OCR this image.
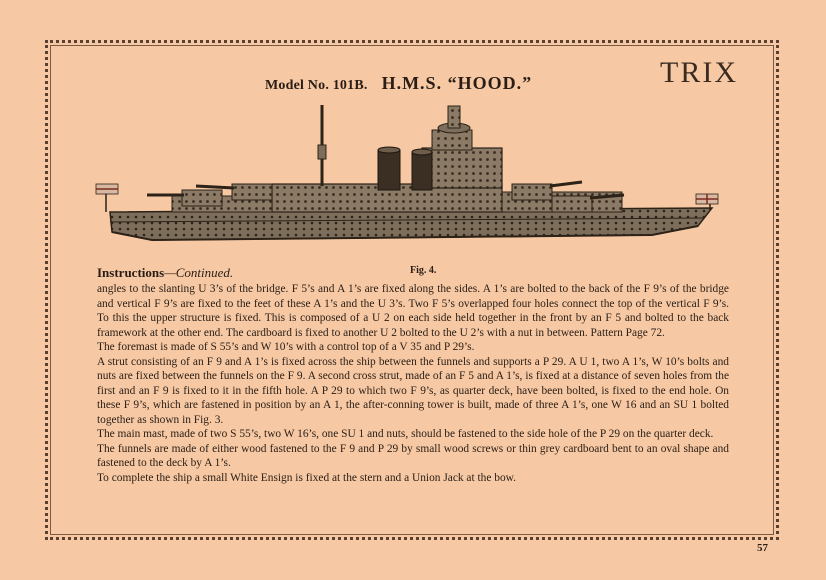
Model No. 101B. H.M.S. “HOOD.”	TRIX
Instructions—Continued.	Fig. 4.

angles to the slanting U 3’s of the bridge. F 5’s and A 1’s are fixed along the sides. A 1’s are bolted to the back of the F 9’s of the bridge and vertical F 9’s are fixed to the feet of these A 1’s and the U 3’s. Two F 5’s overlapped four holes connect the top of the vertical F 9’s. To this the upper structure is fixed. This is composed of a U 2 on each side held together in the front by an F 5 and bolted to the back framework at the other end. The cardboard is fixed to another U 2 bolted to the U 2’s with a nut in between. Pattern Page 72.

The foremast is made of S 55’s and W 10’s with a control top of a V 35 and P 29’s.

A strut consisting of an F 9 and A 1’s is fixed across the ship between the funnels and supports a P 29. A U 1, two A 1’s, W 10’s bolts and nuts are fixed between the funnels on the F 9. A second cross strut, made of an F 5 and A 1’s, is fixed at a distance of seven holes from the first and an F 9 is fixed to it in the fifth hole. A P 29 to which two F 9’s, as quarter deck, have been bolted, is fixed to the end hole. On these F 9’s, which are fastened in position by an A 1, the after-conning tower is built, made of three A 1’s, one W 16 and an SU 1 bolted together as shown in Fig. 3.

The main mast, made of two S 55’s, two W 16’s, one SU 1 and nuts, should be fastened to the side hole of the P 29 on the quarter deck.

The funnels are made of either wood fastened to the F 9 and P 29 by small wood screws or thin grey cardboard bent to an oval shape and fastened to the deck by A 1’s.

To complete the ship a small White Ensign is fixed at the stern and a Union Jack at the bow.

57
